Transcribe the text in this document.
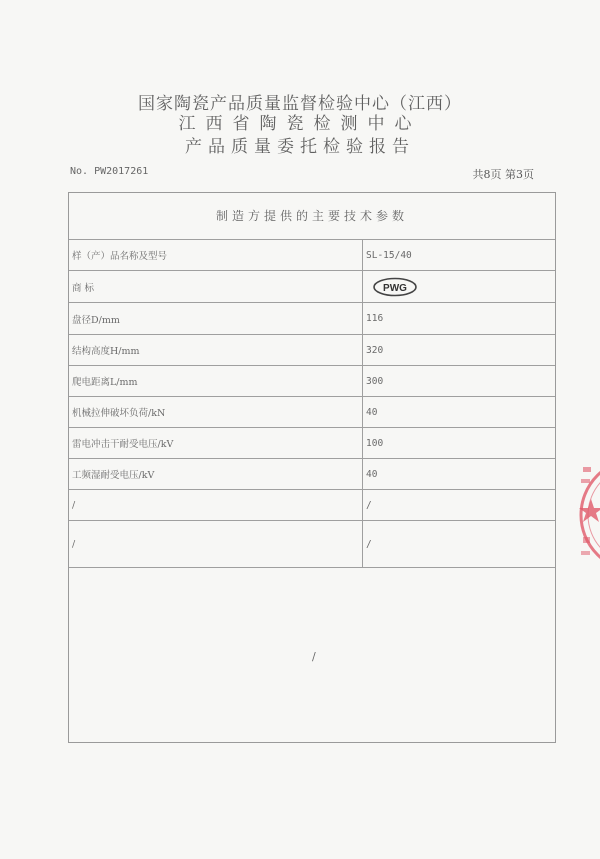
国家陶瓷产品质量监督检验中心（江西）
江西省陶瓷检测中心
产品质量委托检验报告
No. PW2017261	共8页 第3页
制造方提供的主要技术参数
样（产）品名称及型号	SL-15/40
商 标	PWG
盘径D/mm	116
结构高度H/mm	320
爬电距离L/mm	300
机械拉伸破坏负荷/kN	40
雷电冲击干耐受电压/kV	100
工频湿耐受电压/kV	40
/	/
/	/
/
